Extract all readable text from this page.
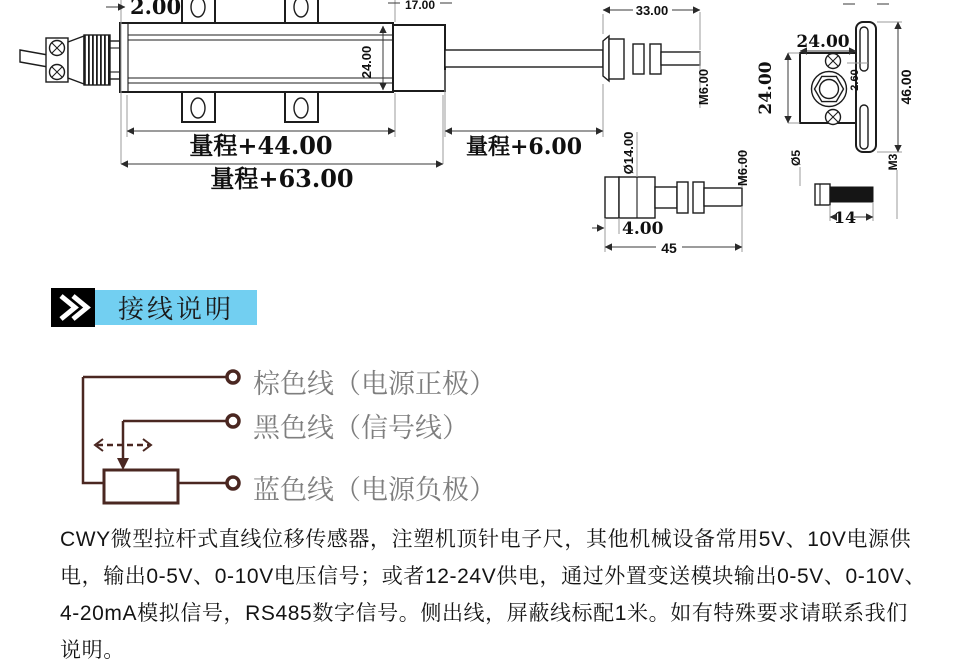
2.00	17.00
24.00
量程+44.00
量程+63.00
量程+6.00
33.00
M6.00
Ø14.00	M6.00
4.00
45
24.00
24.00	2.60	46.00
Ø5	M3
14
接线说明
棕色线（电源正极）
黑色线（信号线）
蓝色线（电源负极）
CWY微型拉杆式直线位移传感器，注塑机顶针电子尺，其他机械设备常用5V、10V电源供
电，输出0-5V、0-10V电压信号；或者12-24V供电，通过外置变送模块输出0-5V、0-10V、
4-20mA模拟信号，RS485数字信号。侧出线，屏蔽线标配1米。如有特殊要求请联系我们
说明。
